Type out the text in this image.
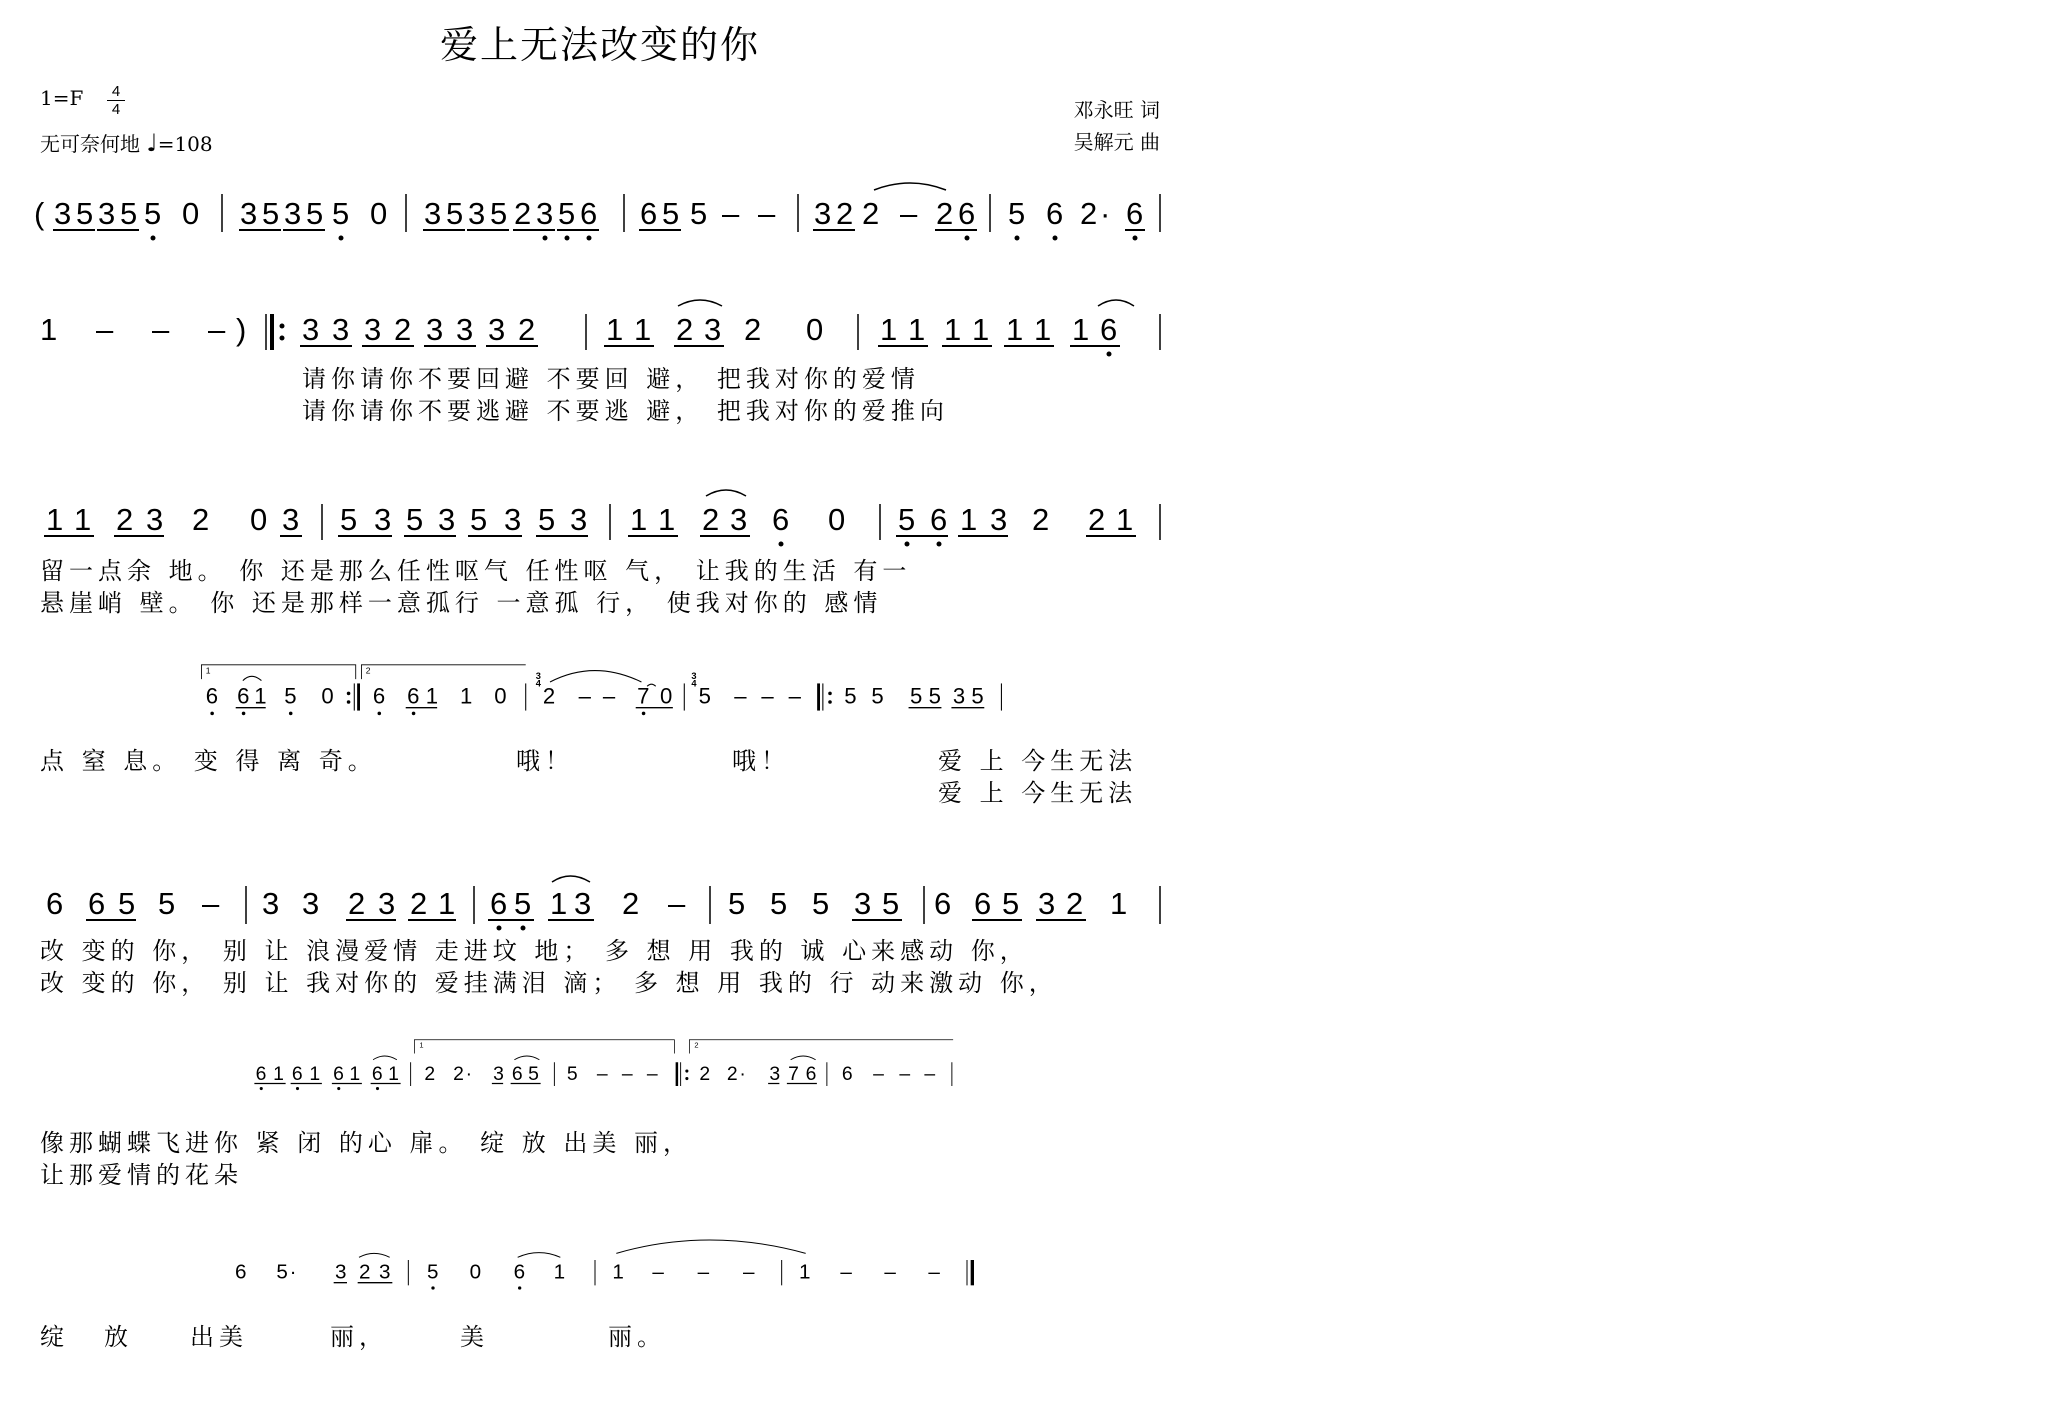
爱上无法改变的你
1=F	4
4
无可奈何地 ♩=108
邓永旺 词
吴解元 曲
( 3 5 3 5 5 0 3 5 3 5 5 0 3 5 3 5 2 3 5 6 6 5 5 – – 3 2 2 – 2 6 5 6 2 · 6
1 – – – ) 3 3 3 2 3 3 3 2 1 1 2 3 2 0 1 1 1 1 1 1 1 6
请你请你不要回避 不要回 避， 把我对你的爱情
请你请你不要逃避 不要逃 避， 把我对你的爱推向
1 1 2 3 2 0 3 5 3 5 3 5 3 5 3 1 1 2 3 6 0 5 6 1 3 2 2 1
留一点余 地。 你 还是那么任性呕气 任性呕 气， 让我的生活 有一
悬崖峭 壁。 你 还是那样一意孤行 一意孤 行， 使我对你的 感情
1	2
6 6 1 5 0 6 6 1 1 0 2 – – 7 0 5 – – – 5 5 5 5 3 5
3
4
3
4
点 窒 息。 变 得 离 奇。	哦！	哦！	爱 上 今生无法
爱 上 今生无法
6 6 5 5 – 3 3 2 3 2 1 6 5 1 3 2 – 5 5 5 3 5 6 6 5 3 2 1
改 变的 你， 别 让 浪漫爱情 走进坟 地； 多 想 用 我的 诚 心来感动 你，
改 变的 你， 别 让 我对你的 爱挂满泪 滴； 多 想 用 我的 行 动来激动 你，
1	2
6 1 6 1 6 1 6 1 2 2 · 3 6 5 5 – – – 2 2 · 3 7 6 6 – – –
像那蝴蝶飞进你 紧 闭 的心 扉。 绽 放 出美 丽，
让那爱情的花朵
6 5 · 3 2 3 5 0 6 1 1 – – – 1 – – –
绽 放 出美	丽，	美	丽。
